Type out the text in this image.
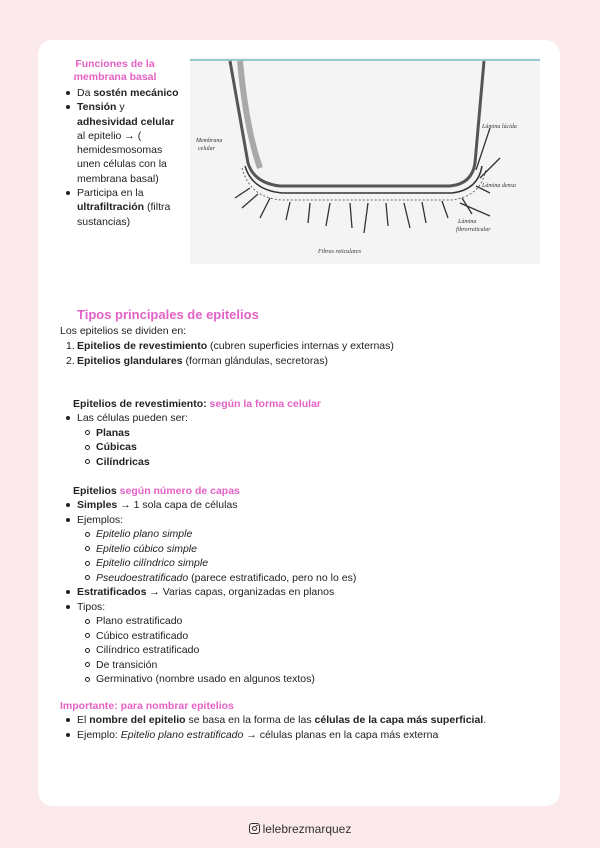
Funciones de la membrana basal
Da sostén mecánico
Tensión y adhesividad celular al epitelio → ( hemidesmosomas unen células con la membrana basal)
Participa en la ultrafiltración (filtra sustancias)
Membrana
celular
Lámina lúcida
Lámina densa
Lámina
fibrorreticular
Fibras reticulares
Tipos principales de epitelios
Los epitelios se dividen en:
1. Epitelios de revestimiento (cubren superficies internas y externas)
2. Epitelios glandulares (forman glándulas, secretoras)
Epitelios de revestimiento: según la forma celular
Las células pueden ser:
Planas
Cúbicas
Cilíndricas
Epitelios según número de capas
Simples → 1 sola capa de células
Ejemplos:
Epitelio plano simple
Epitelio cúbico simple
Epitelio cilíndrico simple
Pseudoestratificado (parece estratificado, pero no lo es)
Estratificados → Varias capas, organizadas en planos
Tipos:
Plano estratificado
Cúbico estratificado
Cilíndrico estratificado
De transición
Germinativo (nombre usado en algunos textos)
Importante: para nombrar epitelios
El nombre del epitelio se basa en la forma de las células de la capa más superficial.
Ejemplo: Epitelio plano estratificado → células planas en la capa más externa
lelebrezmarquez
